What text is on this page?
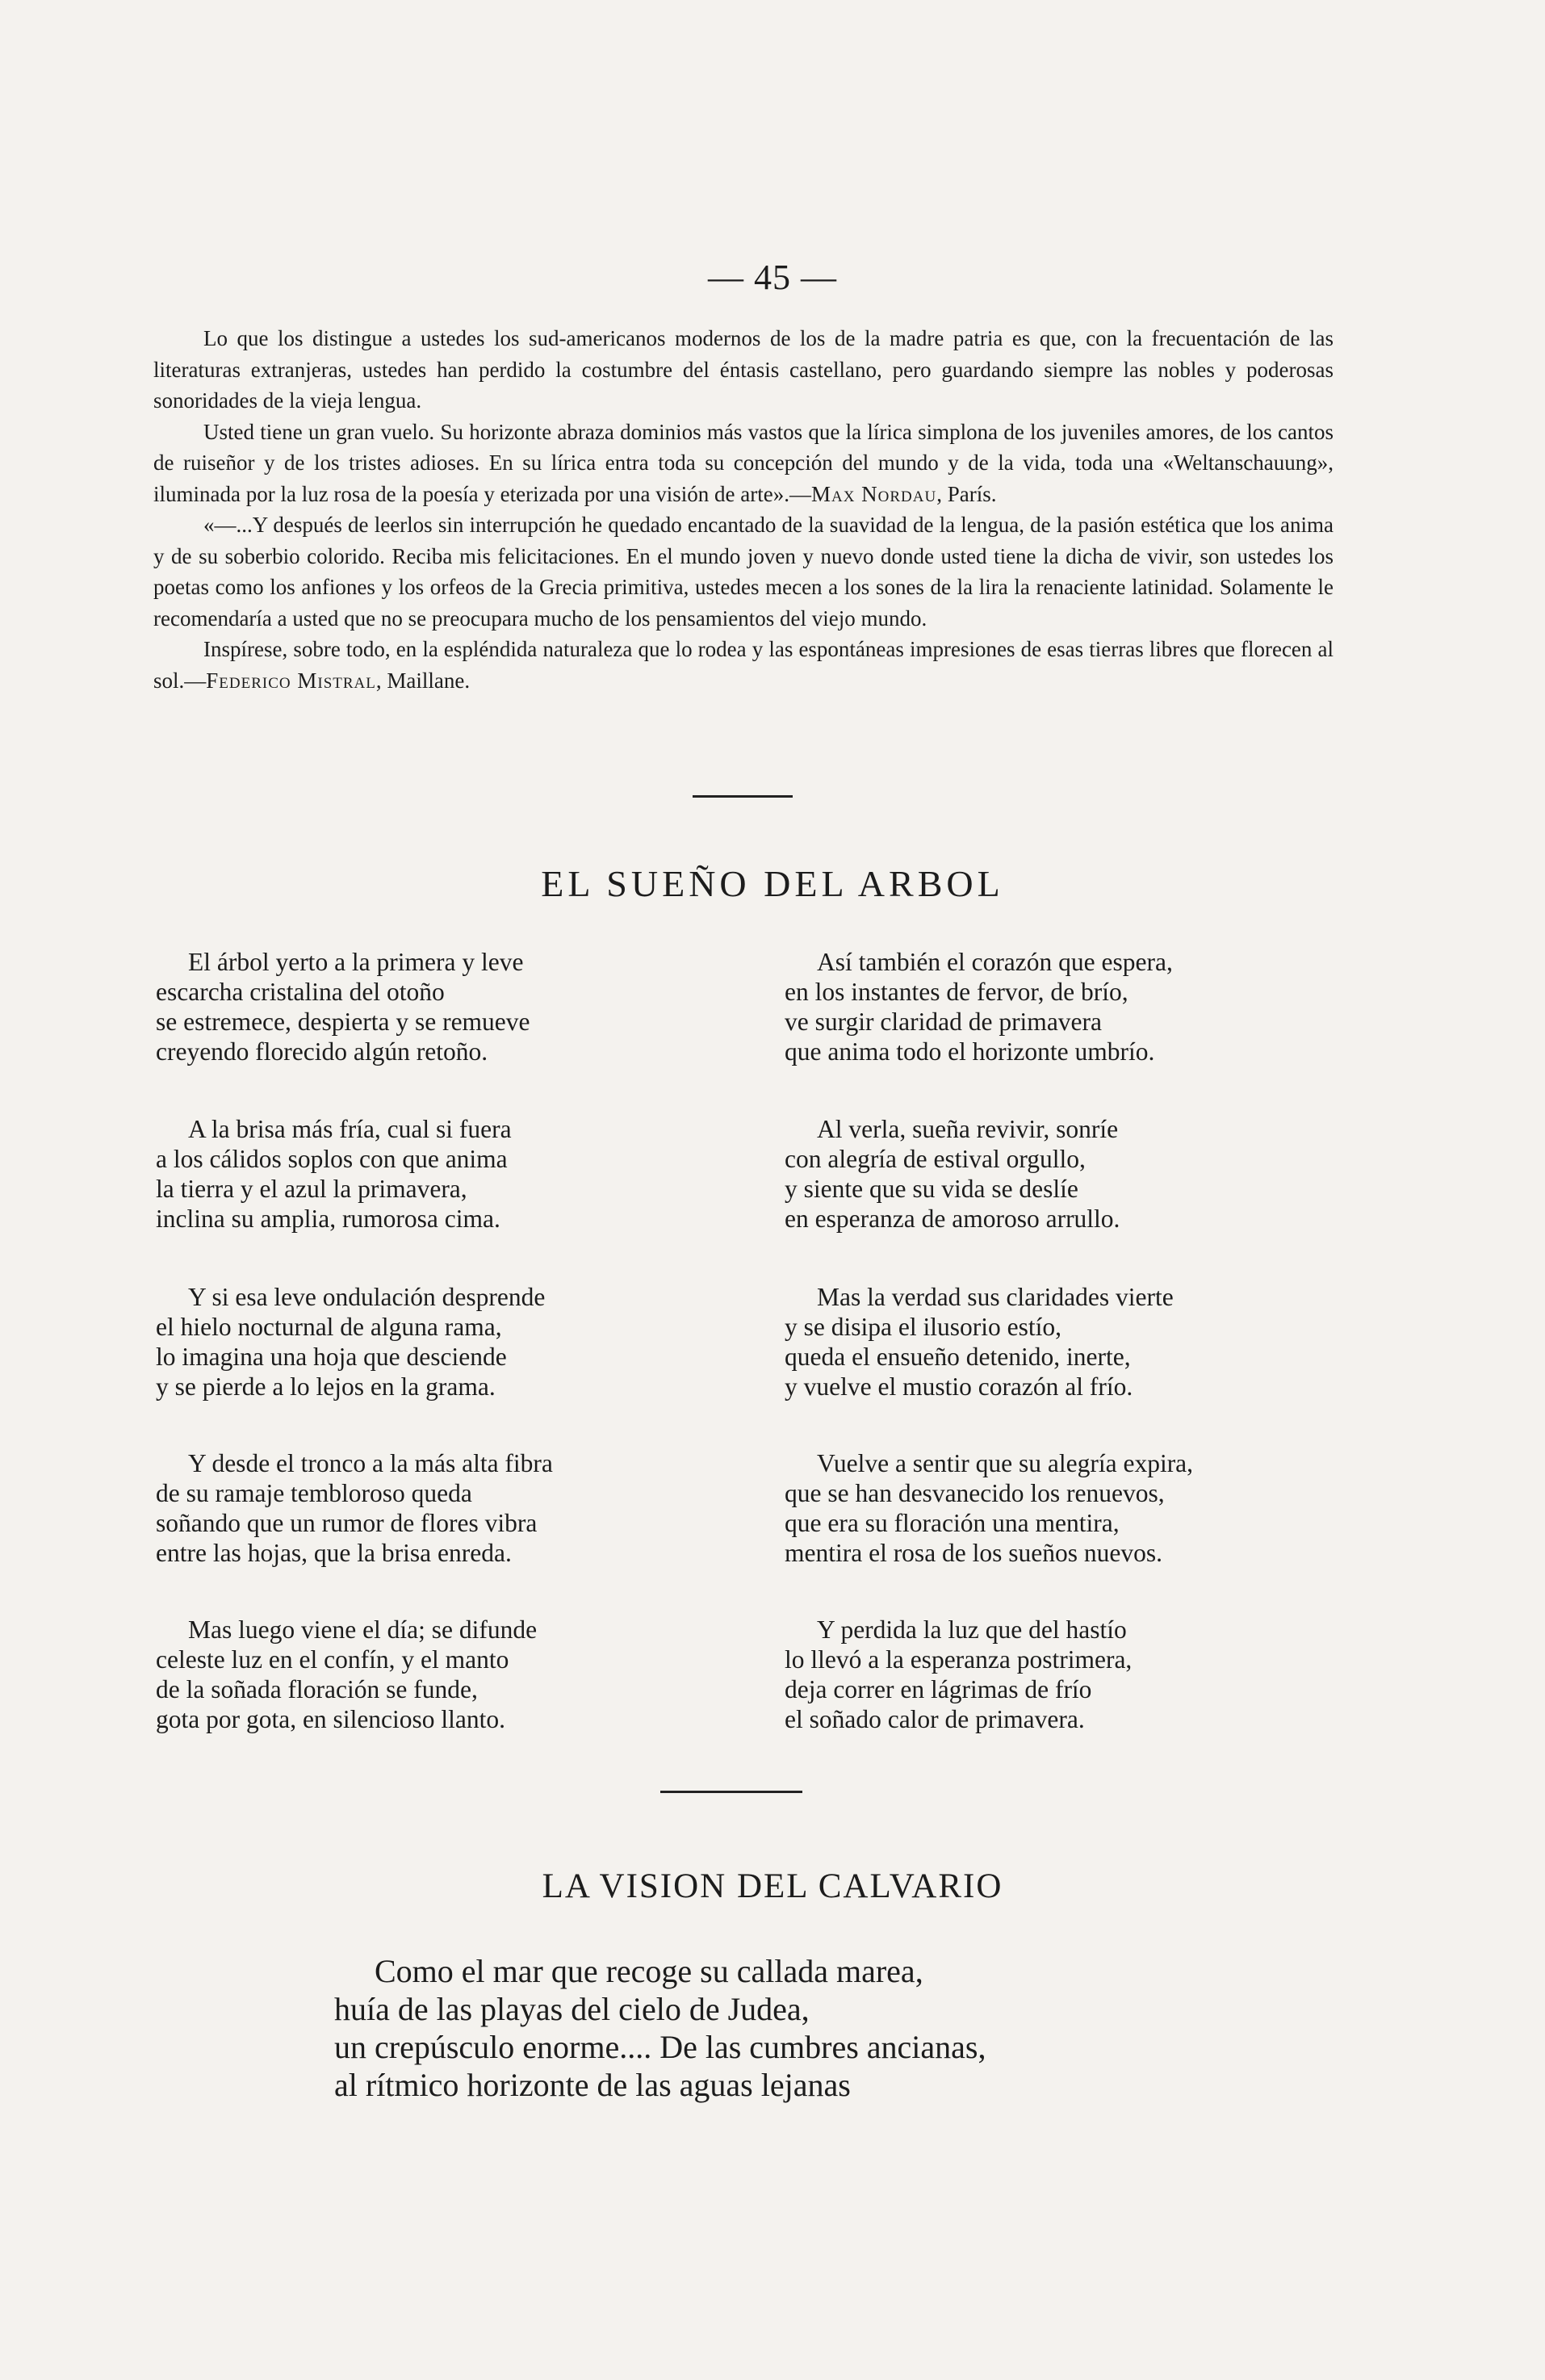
— 45 —

Lo que los distingue a ustedes los sud-americanos modernos de los de la madre patria es que, con la frecuentación de las literaturas extranjeras, ustedes han perdido la costumbre del éntasis castellano, pero guardando siempre las nobles y poderosas sonoridades de la vieja lengua.

Usted tiene un gran vuelo. Su horizonte abraza dominios más vastos que la lírica simplona de los juveniles amores, de los cantos de ruiseñor y de los tristes adioses. En su lírica entra toda su concepción del mundo y de la vida, toda una «Weltanschauung», iluminada por la luz rosa de la poesía y eterizada por una visión de arte».—Max Nordau, París.

«—...Y después de leerlos sin interrupción he quedado encantado de la suavidad de la lengua, de la pasión estética que los anima y de su soberbio colorido. Reciba mis felicitaciones. En el mundo joven y nuevo donde usted tiene la dicha de vivir, son ustedes los poetas como los anfiones y los orfeos de la Grecia primitiva, ustedes mecen a los sones de la lira la renaciente latinidad. Solamente le recomendaría a usted que no se preocupara mucho de los pensamientos del viejo mundo.

Inspírese, sobre todo, en la espléndida naturaleza que lo rodea y las espontáneas impresiones de esas tierras libres que florecen al sol.—Federico Mistral, Maillane.

EL SUEÑO DEL ARBOL
El árbol yerto a la primera y leve
escarcha cristalina del otoño
se estremece, despierta y se remueve
creyendo florecido algún retoño.
A la brisa más fría, cual si fuera
a los cálidos soplos con que anima
la tierra y el azul la primavera,
inclina su amplia, rumorosa cima.
Y si esa leve ondulación desprende
el hielo nocturnal de alguna rama,
lo imagina una hoja que desciende
y se pierde a lo lejos en la grama.
Y desde el tronco a la más alta fibra
de su ramaje tembloroso queda
soñando que un rumor de flores vibra
entre las hojas, que la brisa enreda.
Mas luego viene el día; se difunde
celeste luz en el confín, y el manto
de la soñada floración se funde,
gota por gota, en silencioso llanto.
Así también el corazón que espera,
en los instantes de fervor, de brío,
ve surgir claridad de primavera
que anima todo el horizonte umbrío.
Al verla, sueña revivir, sonríe
con alegría de estival orgullo,
y siente que su vida se deslíe
en esperanza de amoroso arrullo.
Mas la verdad sus claridades vierte
y se disipa el ilusorio estío,
queda el ensueño detenido, inerte,
y vuelve el mustio corazón al frío.
Vuelve a sentir que su alegría expira,
que se han desvanecido los renuevos,
que era su floración una mentira,
mentira el rosa de los sueños nuevos.
Y perdida la luz que del hastío
lo llevó a la esperanza postrimera,
deja correr en lágrimas de frío
el soñado calor de primavera.
LA VISION DEL CALVARIO
Como el mar que recoge su callada marea,
huía de las playas del cielo de Judea,
un crepúsculo enorme.... De las cumbres ancianas,
al rítmico horizonte de las aguas lejanas
